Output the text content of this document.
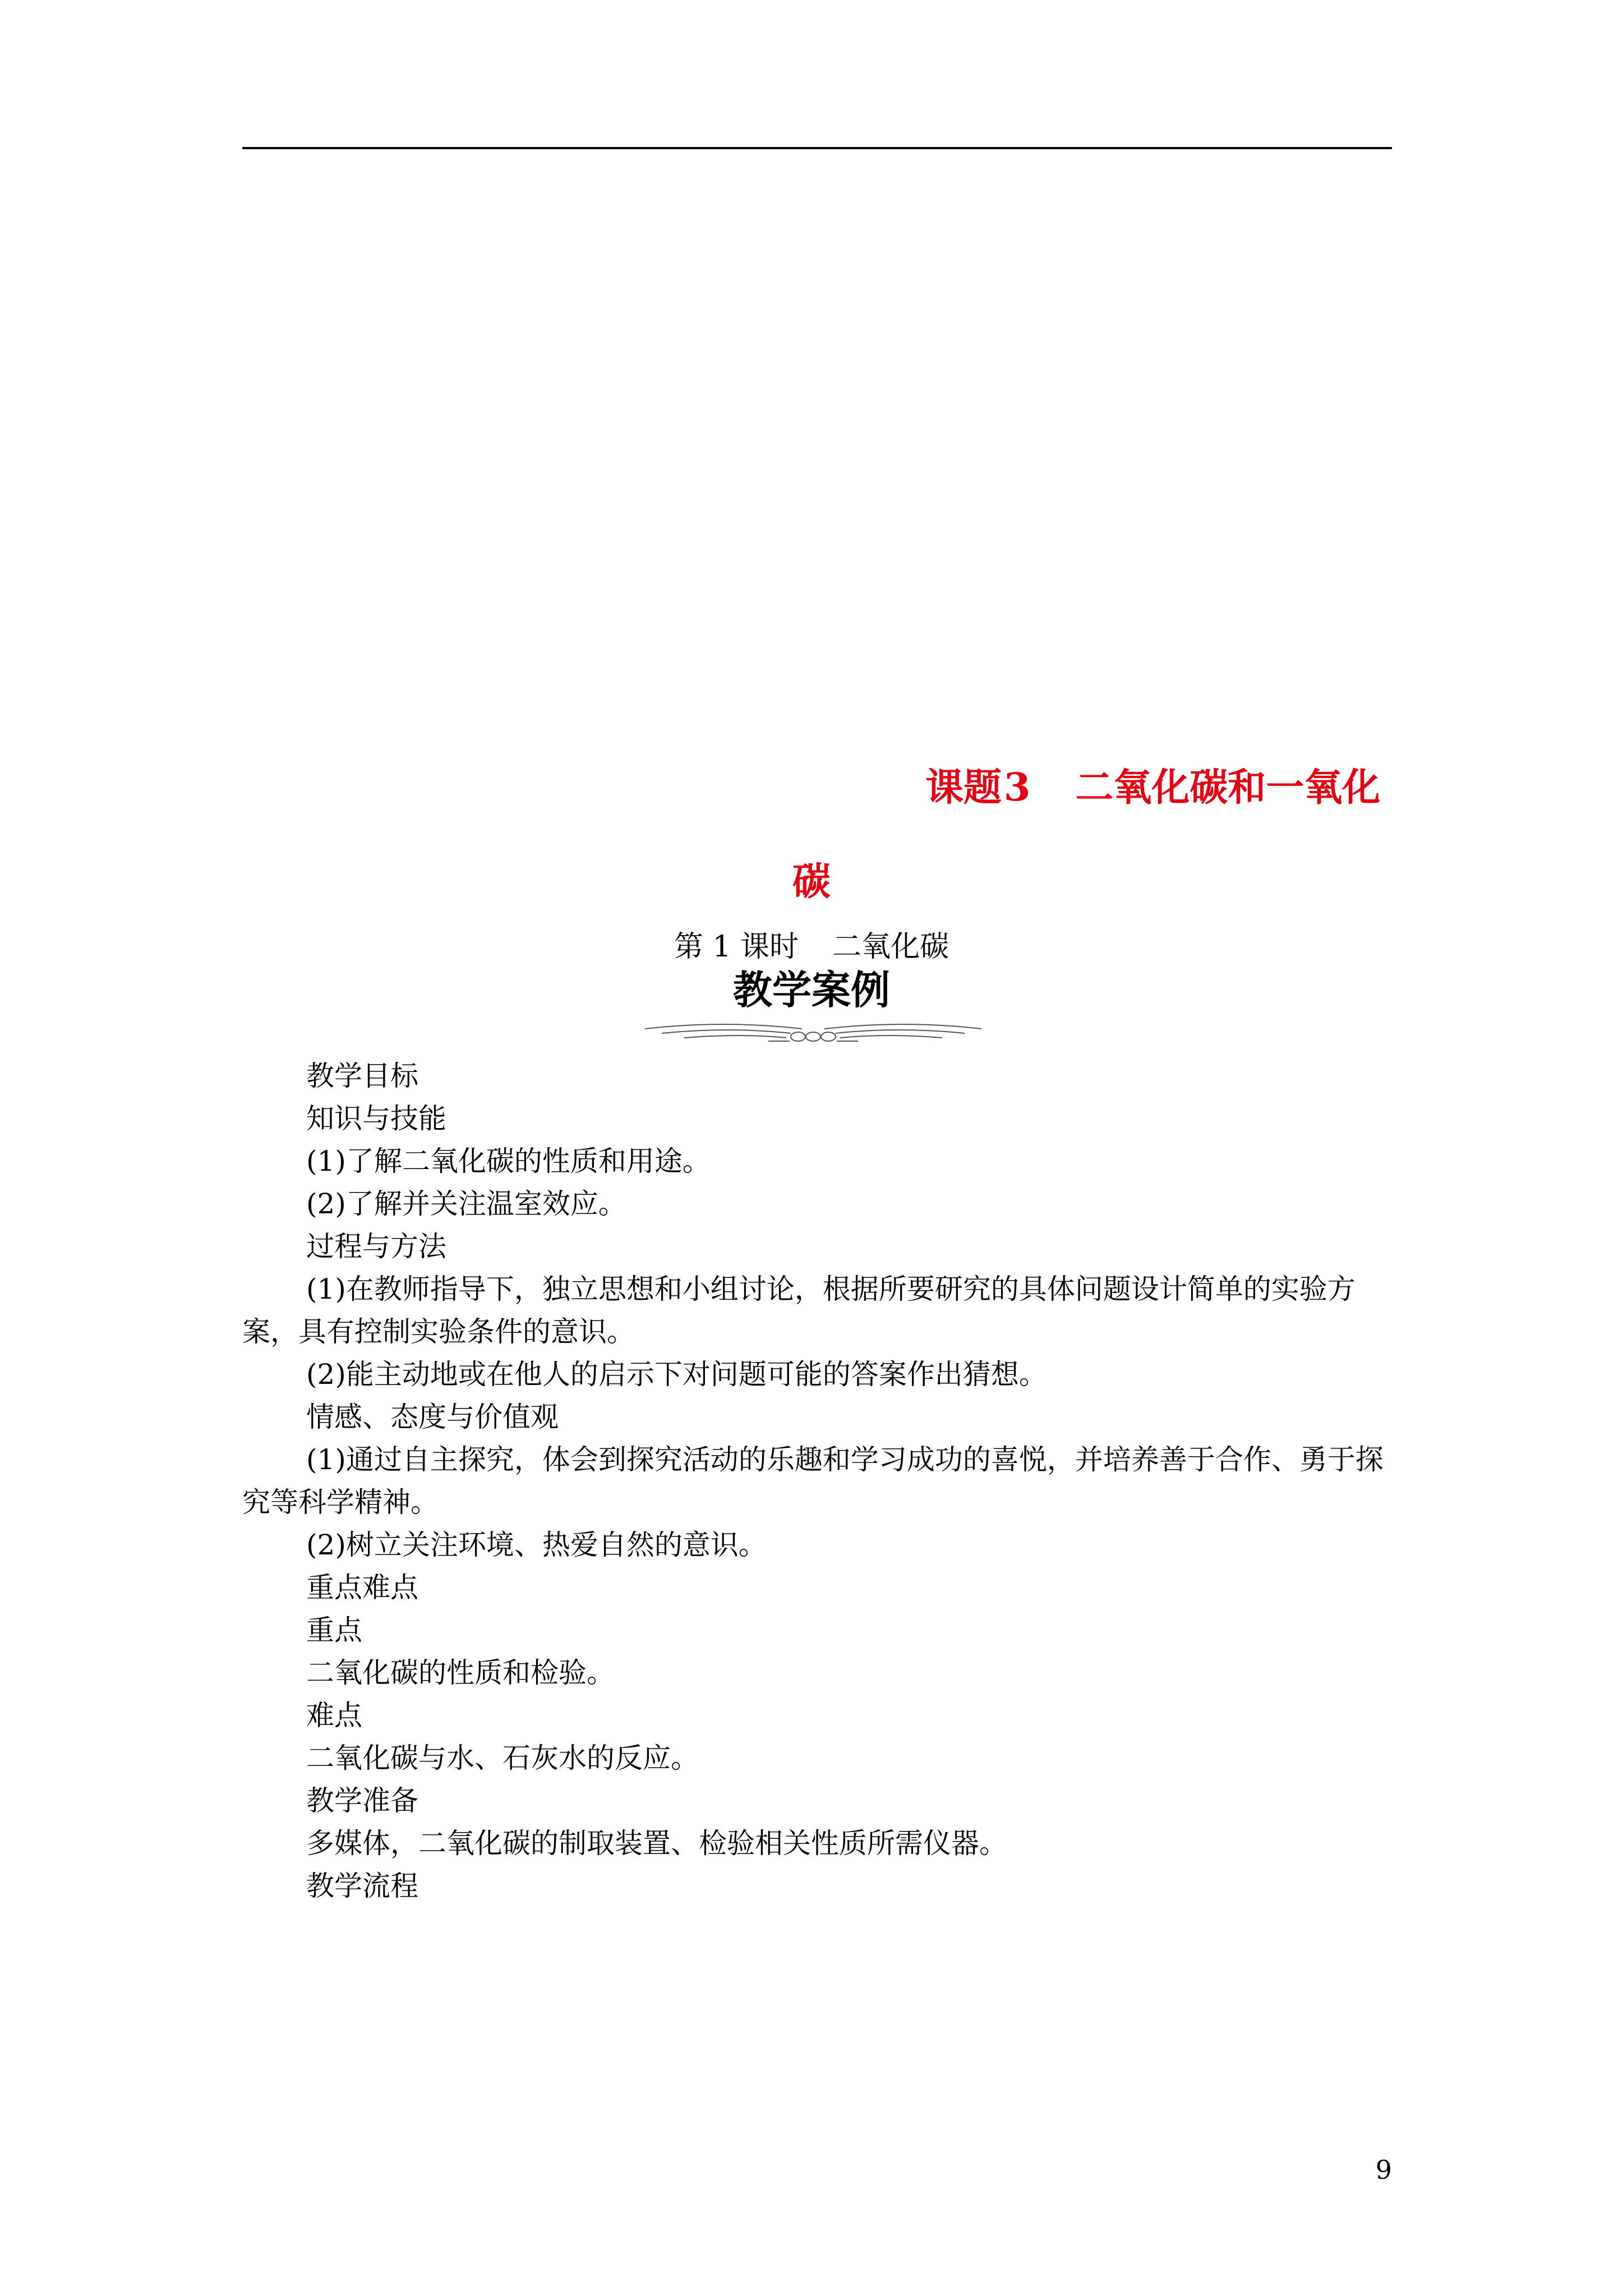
课题3 二氧化碳和一氧化
碳
第 1 课时 二氧化碳
教学案例

教学目标

知识与技能

(1)了解二氧化碳的性质和用途。

(2)了解并关注温室效应。

过程与方法

(1)在教师指导下，独立思想和小组讨论，根据所要研究的具体问题设计简单的实验方案，具有控制实验条件的意识。

(2)能主动地或在他人的启示下对问题可能的答案作出猜想。

情感、态度与价值观

(1)通过自主探究，体会到探究活动的乐趣和学习成功的喜悦，并培养善于合作、勇于探究等科学精神。

(2)树立关注环境、热爱自然的意识。

重点难点

重点

二氧化碳的性质和检验。

难点

二氧化碳与水、石灰水的反应。

教学准备

多媒体，二氧化碳的制取装置、检验相关性质所需仪器。

教学流程

9
